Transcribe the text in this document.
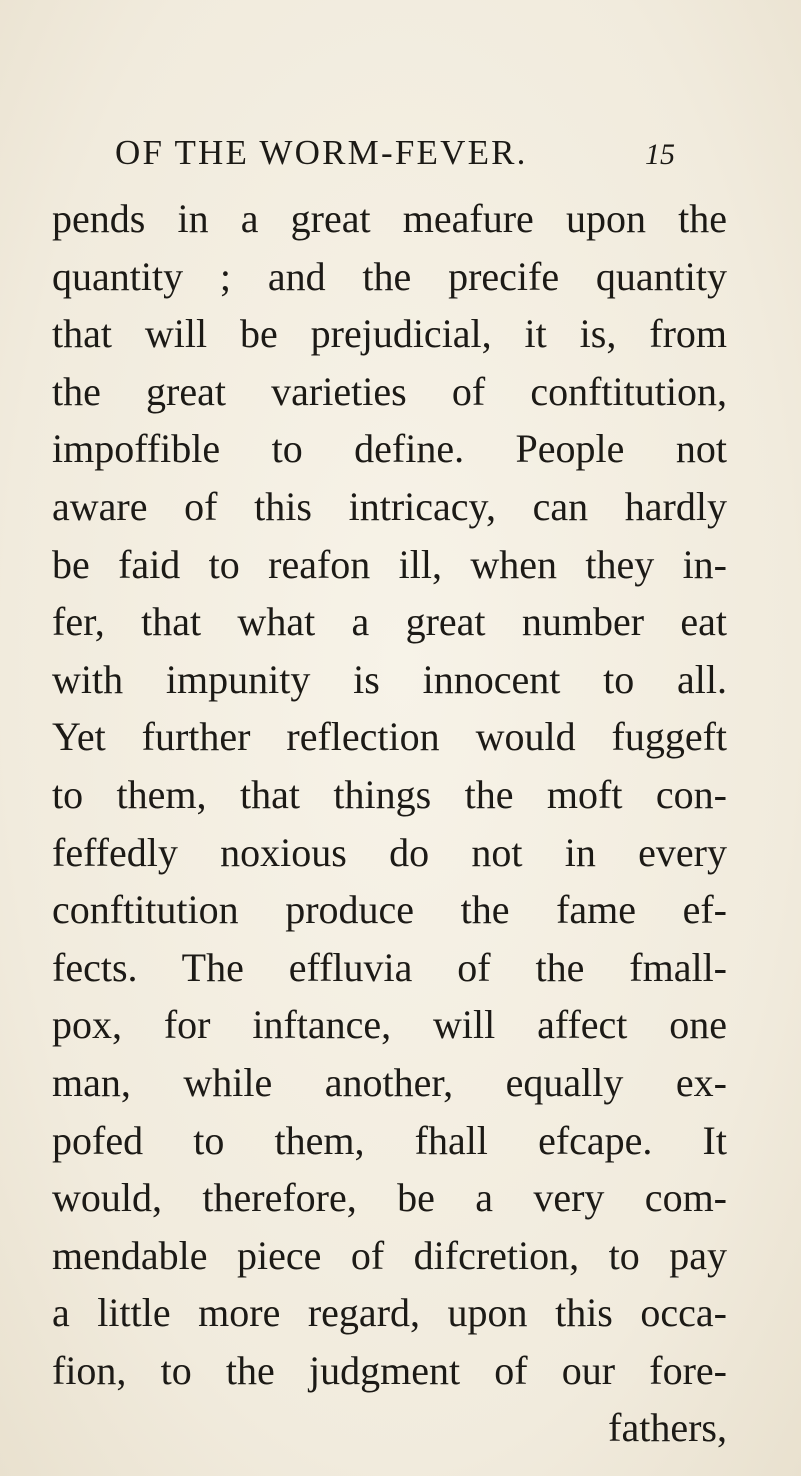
OF THE WORM-FEVER.	15
pends in a great meafure upon the
quantity ; and the precife quantity
that will be prejudicial, it is, from
the great varieties of conftitution,
impoffible to define. People not
aware of this intricacy, can hardly
be faid to reafon ill, when they in-
fer, that what a great number eat
with impunity is innocent to all.
Yet further reflection would fuggeft
to them, that things the moft con-
feffedly noxious do not in every
conftitution produce the fame ef-
fects. The effluvia of the fmall-
pox, for inftance, will affect one
man, while another, equally ex-
pofed to them, fhall efcape. It
would, therefore, be a very com-
mendable piece of difcretion, to pay
a little more regard, upon this occa-
fion, to the judgment of our fore-
fathers,
